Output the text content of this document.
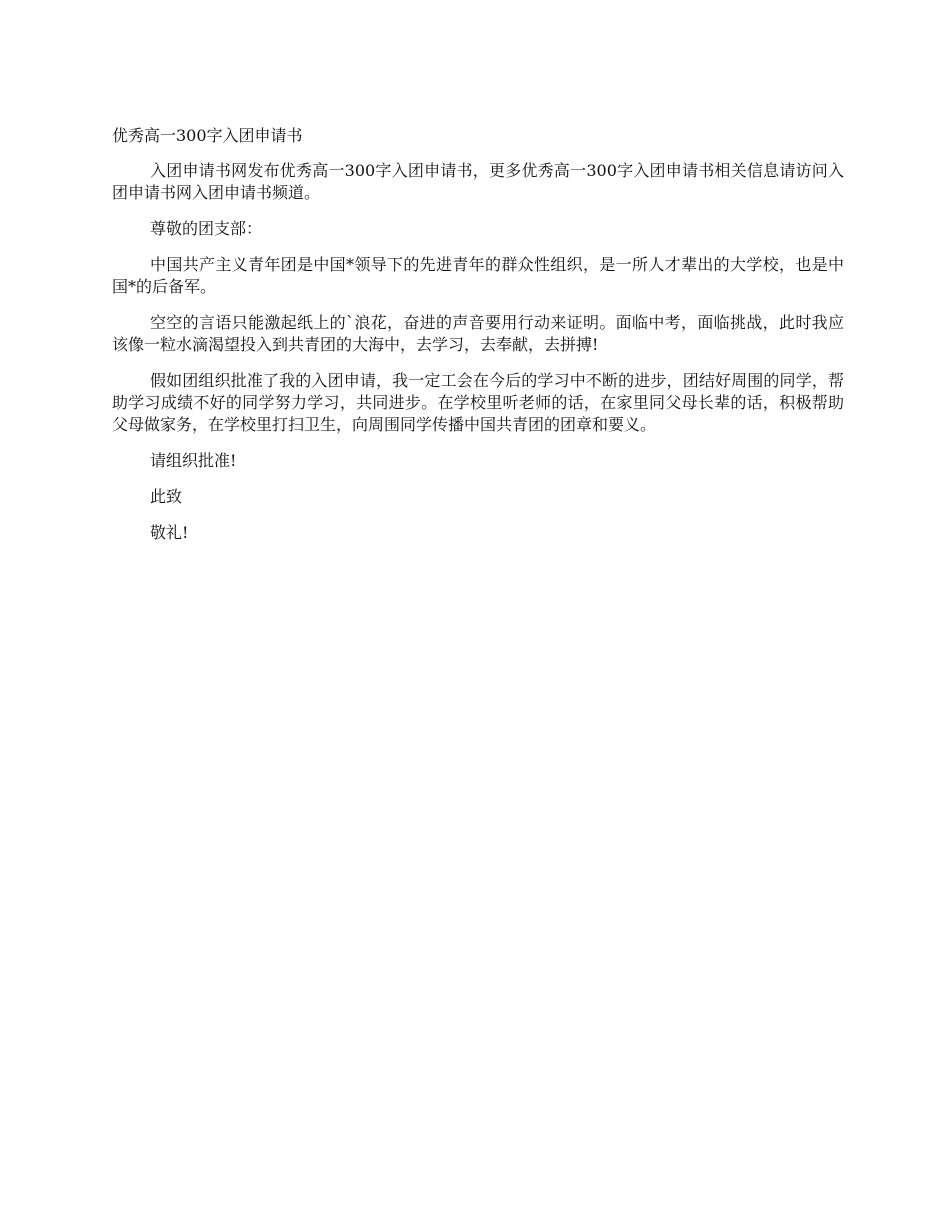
优秀高一300字入团申请书

入团申请书网发布优秀高一300字入团申请书，更多优秀高一300字入团申请书相关信息请访问入团申请书网入团申请书频道。

尊敬的团支部：

中国共产主义青年团是中国*领导下的先进青年的群众性组织，是一所人才辈出的大学校，也是中国*的后备军。

空空的言语只能激起纸上的`浪花，奋进的声音要用行动来证明。面临中考，面临挑战，此时我应该像一粒水滴渴望投入到共青团的大海中，去学习，去奉献，去拼搏!

假如团组织批准了我的入团申请，我一定工会在今后的学习中不断的进步，团结好周围的同学，帮助学习成绩不好的同学努力学习，共同进步。在学校里听老师的话，在家里同父母长辈的话，积极帮助父母做家务，在学校里打扫卫生，向周围同学传播中国共青团的团章和要义。

请组织批准!

此致

敬礼!
